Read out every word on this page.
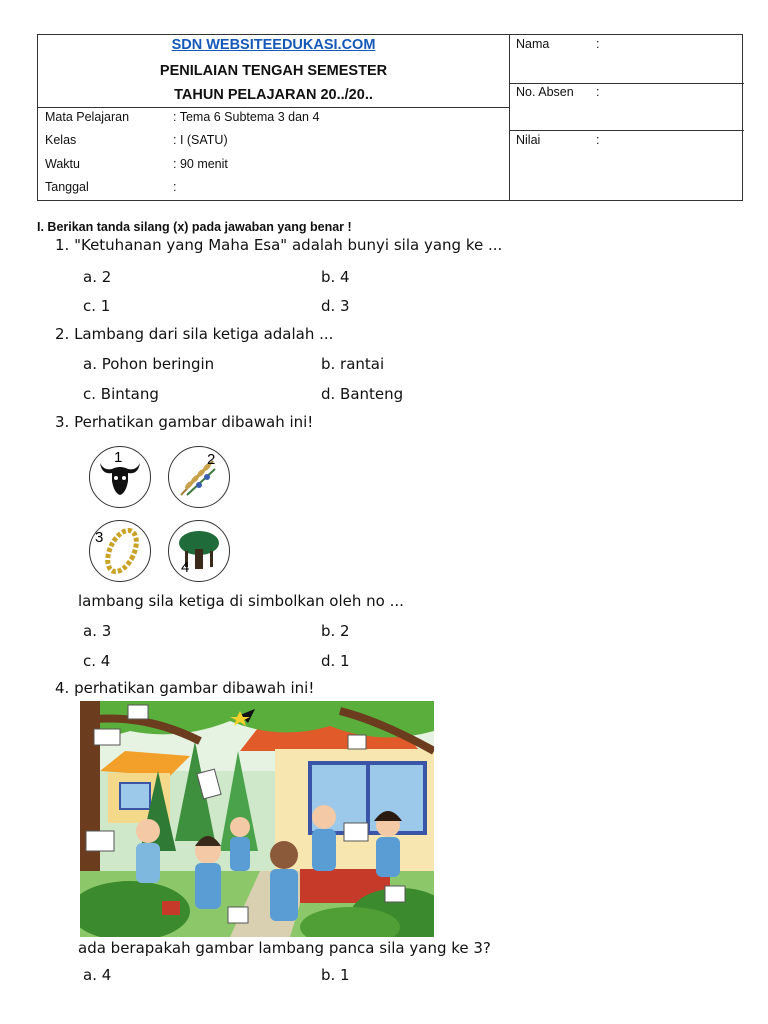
SDN WEBSITEEDUKASI.COM
PENILAIAN TENGAH SEMESTER
TAHUN PELAJARAN 20../20..
Mata Pelajaran	: Tema 6 Subtema 3 dan 4
Kelas	: I (SATU)
Waktu	: 90 menit
Tanggal	:
Nama	:
No. Absen :
Nilai	:
I. Berikan tanda silang (x) pada jawaban yang benar !
1. "Ketuhanan yang Maha Esa" adalah bunyi sila yang ke ...
a. 2	b. 4
c. 1	d. 3
2. Lambang dari sila ketiga adalah ...
a. Pohon beringin	b. rantai
c. Bintang	d. Banteng
3. Perhatikan gambar dibawah ini!
1	2
3
4
lambang sila ketiga di simbolkan oleh no ...
a. 3	b. 2
c. 4	d. 1
4. perhatikan gambar dibawah ini!
ada berapakah gambar lambang panca sila yang ke 3?
a. 4	b. 1
